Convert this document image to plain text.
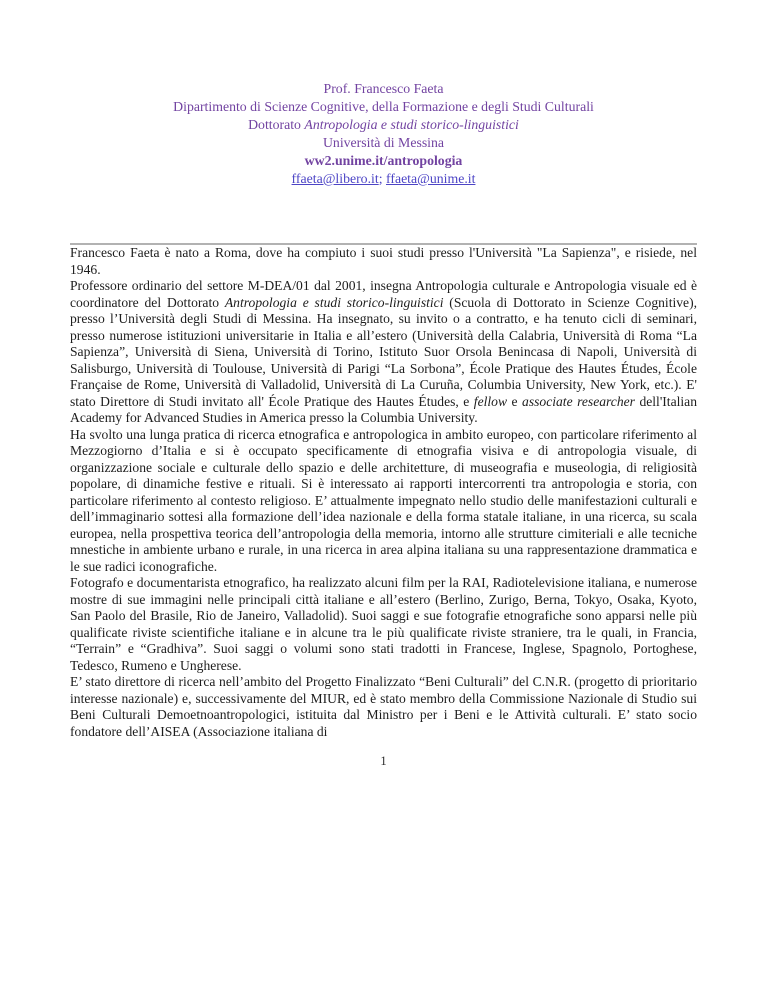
Prof. Francesco Faeta
Dipartimento di Scienze Cognitive, della Formazione e degli Studi Culturali
Dottorato Antropologia e studi storico-linguistici
Università di Messina
ww2.unime.it/antropologia
ffaeta@libero.it; ffaeta@unime.it

Francesco Faeta è nato a Roma, dove ha compiuto i suoi studi presso l'Università "La Sapienza", e risiede, nel 1946.

Professore ordinario del settore M-DEA/01 dal 2001, insegna Antropologia culturale e Antropologia visuale ed è coordinatore del Dottorato Antropologia e studi storico-linguistici (Scuola di Dottorato in Scienze Cognitive), presso l’Università degli Studi di Messina. Ha insegnato, su invito o a contratto, e ha tenuto cicli di seminari, presso numerose istituzioni universitarie in Italia e all’estero (Università della Calabria, Università di Roma “La Sapienza”, Università di Siena, Università di Torino, Istituto Suor Orsola Benincasa di Napoli, Università di Salisburgo, Università di Toulouse, Università di Parigi “La Sorbona”, École Pratique des Hautes Études, École Française de Rome, Università di Valladolid, Università di La Curuña, Columbia University, New York, etc.). E' stato Direttore di Studi invitato all' École Pratique des Hautes Études, e fellow e associate researcher dell'Italian Academy for Advanced Studies in America presso la Columbia University.

Ha svolto una lunga pratica di ricerca etnografica e antropologica in ambito europeo, con particolare riferimento al Mezzogiorno d’Italia e si è occupato specificamente di etnografia visiva e di antropologia visuale, di organizzazione sociale e culturale dello spazio e delle architetture, di museografia e museologia, di religiosità popolare, di dinamiche festive e rituali. Si è interessato ai rapporti intercorrenti tra antropologia e storia, con particolare riferimento al contesto religioso. E’ attualmente impegnato nello studio delle manifestazioni culturali e dell’immaginario sottesi alla formazione dell’idea nazionale e della forma statale italiane, in una ricerca, su scala europea, nella prospettiva teorica dell’antropologia della memoria, intorno alle strutture cimiteriali e alle tecniche mnestiche in ambiente urbano e rurale, in una ricerca in area alpina italiana su una rappresentazione drammatica e le sue radici iconografiche.

Fotografo e documentarista etnografico, ha realizzato alcuni film per la RAI, Radiotelevisione italiana, e numerose mostre di sue immagini nelle principali città italiane e all’estero (Berlino, Zurigo, Berna, Tokyo, Osaka, Kyoto, San Paolo del Brasile, Rio de Janeiro, Valladolid). Suoi saggi e sue fotografie etnografiche sono apparsi nelle più qualificate riviste scientifiche italiane e in alcune tra le più qualificate riviste straniere, tra le quali, in Francia, “Terrain” e “Gradhiva”. Suoi saggi o volumi sono stati tradotti in Francese, Inglese, Spagnolo, Portoghese, Tedesco, Rumeno e Ungherese.

E’ stato direttore di ricerca nell’ambito del Progetto Finalizzato “Beni Culturali” del C.N.R. (progetto di prioritario interesse nazionale) e, successivamente del MIUR, ed è stato membro della Commissione Nazionale di Studio sui Beni Culturali Demoetnoantropologici, istituita dal Ministro per i Beni e le Attività culturali. E’ stato socio fondatore dell’AISEA (Associazione italiana di

1
